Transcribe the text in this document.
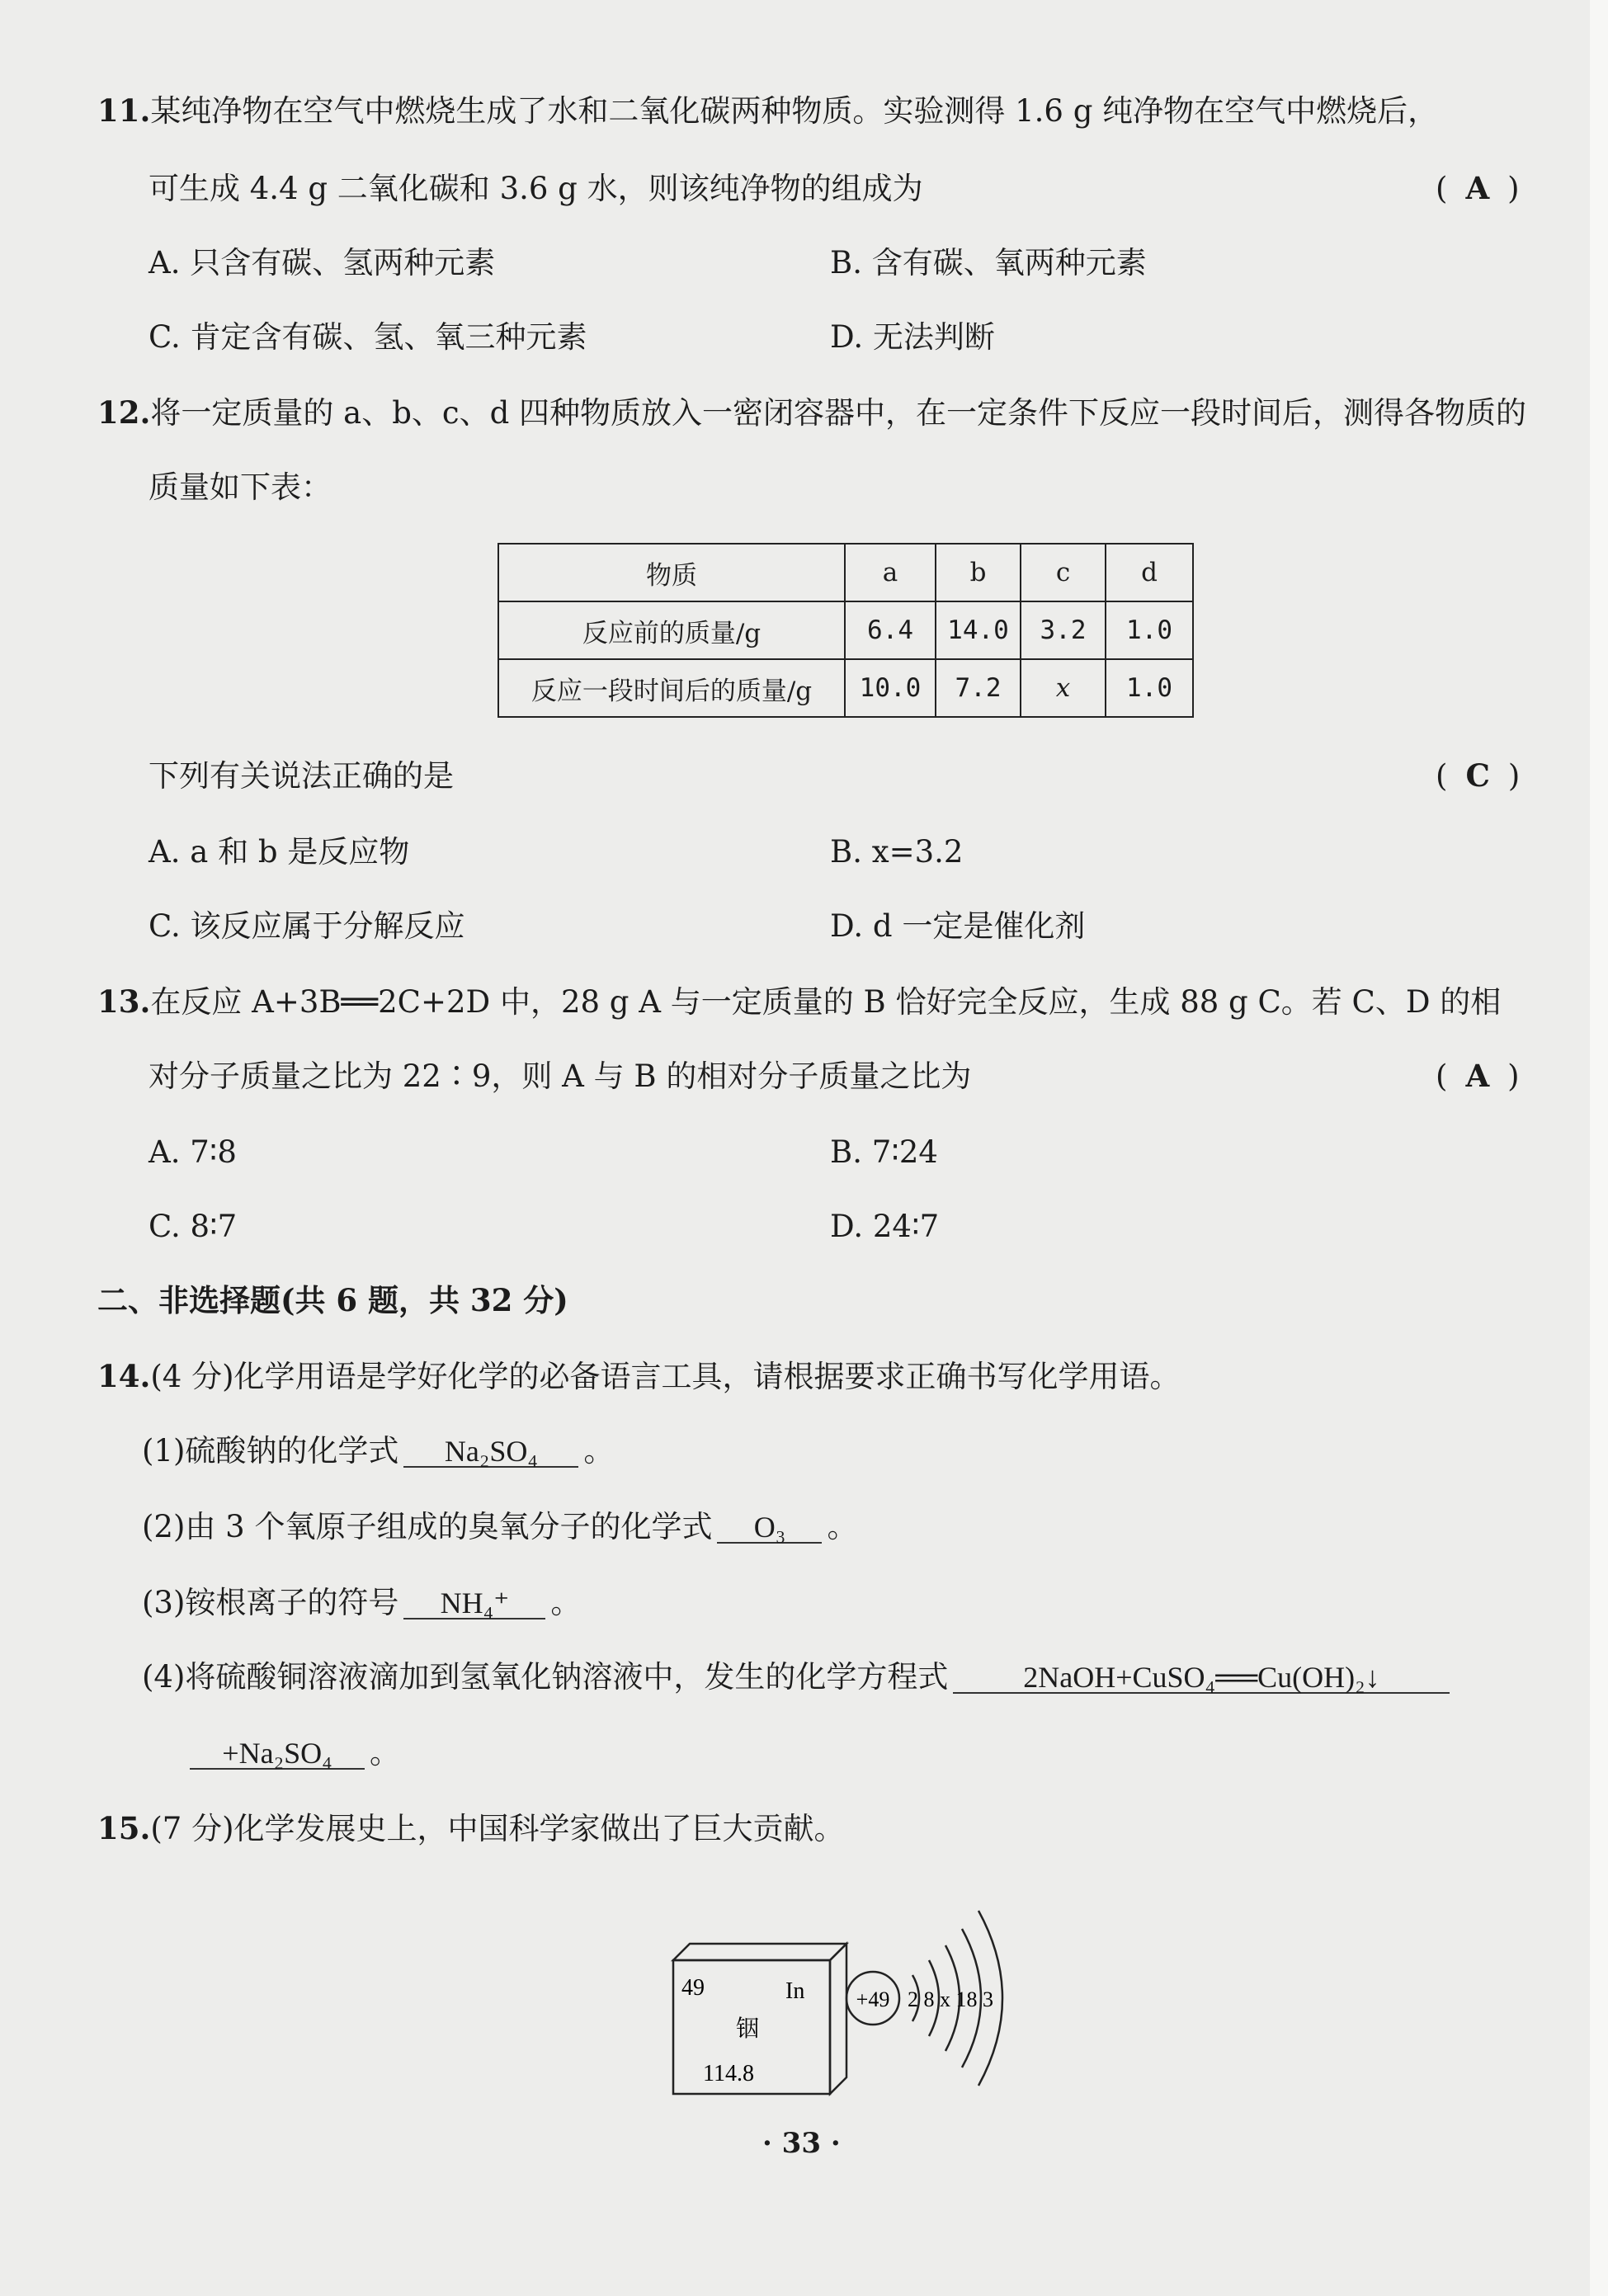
11.某纯净物在空气中燃烧生成了水和二氧化碳两种物质。实验测得 1.6 g 纯净物在空气中燃烧后，
可生成 4.4 g 二氧化碳和 3.6 g 水，则该纯净物的组成为	( A )
A. 只含有碳、氢两种元素	B. 含有碳、氧两种元素
C. 肯定含有碳、氢、氧三种元素	D. 无法判断
12.将一定质量的 a、b、c、d 四种物质放入一密闭容器中，在一定条件下反应一段时间后，测得各物质的
质量如下表：
物质	a	b	c	d
反应前的质量/g	6.4	14.0	3.2	1.0
反应一段时间后的质量/g	10.0	7.2	x	1.0
下列有关说法正确的是	( C )
A. a 和 b 是反应物	B. x=3.2
C. 该反应属于分解反应	D. d 一定是催化剂
13.在反应 A+3B══2C+2D 中，28 g A 与一定质量的 B 恰好完全反应，生成 88 g C。若 C、D 的相
对分子质量之比为 22∶9，则 A 与 B 的相对分子质量之比为	( A )
A. 7∶8	B. 7∶24
C. 8∶7	D. 24∶7
二、非选择题(共 6 题，共 32 分)
14.(4 分)化学用语是学好化学的必备语言工具，请根据要求正确书写化学用语。
(1)硫酸钠的化学式 Na₂SO₄ 。
(2)由 3 个氧原子组成的臭氧分子的化学式 O₃ 。
(3)铵根离子的符号 NH₄⁺ 。
(4)将硫酸铜溶液滴加到氢氧化钠溶液中，发生的化学方程式	2NaOH+CuSO₄══Cu(OH)₂↓
+Na₂SO₄ 。
15.(7 分)化学发展史上，中国科学家做出了巨大贡献。
49	In
铟
114.8
+49 2 8 x 18 3
· 33 ·
